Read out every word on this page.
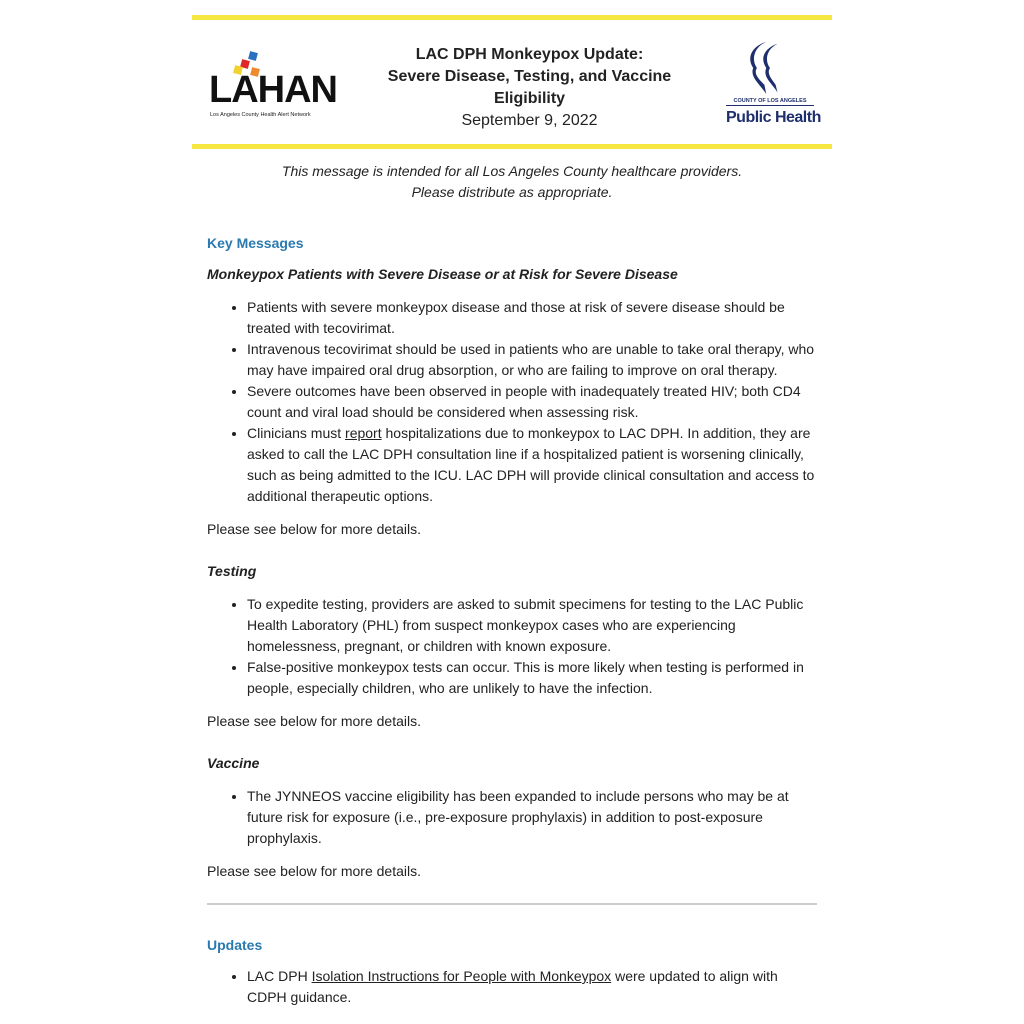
LAHAN
Los Angeles County Health Alert Network
LAC DPH Monkeypox Update:
Severe Disease, Testing, and Vaccine Eligibility
September 9, 2022
COUNTY OF LOS ANGELES
Public Health
This message is intended for all Los Angeles County healthcare providers.
Please distribute as appropriate.
Key Messages
Monkeypox Patients with Severe Disease or at Risk for Severe Disease
• Patients with severe monkeypox disease and those at risk of severe disease should be treated with tecovirimat.
• Intravenous tecovirimat should be used in patients who are unable to take oral therapy, who may have impaired oral drug absorption, or who are failing to improve on oral therapy.
• Severe outcomes have been observed in people with inadequately treated HIV; both CD4 count and viral load should be considered when assessing risk.
• Clinicians must report hospitalizations due to monkeypox to LAC DPH. In addition, they are asked to call the LAC DPH consultation line if a hospitalized patient is worsening clinically, such as being admitted to the ICU. LAC DPH will provide clinical consultation and access to additional therapeutic options.

Please see below for more details.

Testing
• To expedite testing, providers are asked to submit specimens for testing to the LAC Public Health Laboratory (PHL) from suspect monkeypox cases who are experiencing homelessness, pregnant, or children with known exposure.
• False-positive monkeypox tests can occur. This is more likely when testing is performed in people, especially children, who are unlikely to have the infection.

Please see below for more details.

Vaccine
• The JYNNEOS vaccine eligibility has been expanded to include persons who may be at future risk for exposure (i.e., pre-exposure prophylaxis) in addition to post-exposure prophylaxis.

Please see below for more details.

Updates
• LAC DPH Isolation Instructions for People with Monkeypox were updated to align with CDPH guidance.
